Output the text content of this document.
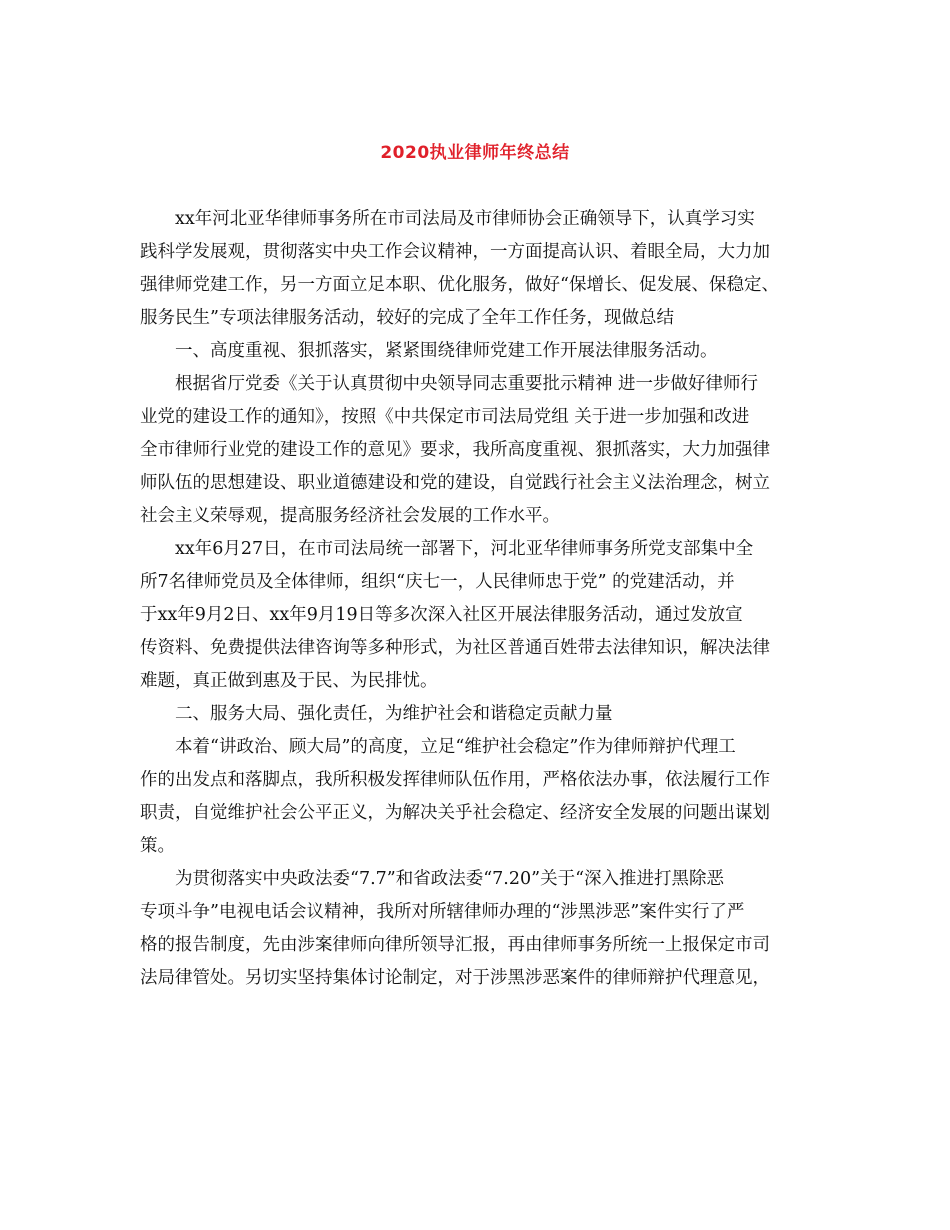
2020执业律师年终总结
xx年河北亚华律师事务所在市司法局及市律师协会正确领导下，认真学习实
践科学发展观，贯彻落实中央工作会议精神，一方面提高认识、着眼全局，大力加
强律师党建工作，另一方面立足本职、优化服务，做好“保增长、促发展、保稳定、
服务民生”专项法律服务活动，较好的完成了全年工作任务，现做总结
一、高度重视、狠抓落实，紧紧围绕律师党建工作开展法律服务活动。
根据省厅党委《关于认真贯彻中央领导同志重要批示精神 进一步做好律师行
业党的建设工作的通知》，按照《中共保定市司法局党组 关于进一步加强和改进
全市律师行业党的建设工作的意见》要求，我所高度重视、狠抓落实，大力加强律
师队伍的思想建设、职业道德建设和党的建设，自觉践行社会主义法治理念，树立
社会主义荣辱观，提高服务经济社会发展的工作水平。
xx年6月27日，在市司法局统一部署下，河北亚华律师事务所党支部集中全
所7名律师党员及全体律师，组织“庆七一，人民律师忠于党” 的党建活动，并
于xx年9月2日、xx年9月19日等多次深入社区开展法律服务活动，通过发放宣
传资料、免费提供法律咨询等多种形式，为社区普通百姓带去法律知识，解决法律
难题，真正做到惠及于民、为民排忧。
二、服务大局、强化责任，为维护社会和谐稳定贡献力量
本着“讲政治、顾大局”的高度，立足“维护社会稳定”作为律师辩护代理工
作的出发点和落脚点，我所积极发挥律师队伍作用，严格依法办事，依法履行工作
职责，自觉维护社会公平正义，为解决关乎社会稳定、经济安全发展的问题出谋划
策。
为贯彻落实中央政法委“7.7”和省政法委“7.20”关于“深入推进打黑除恶
专项斗争”电视电话会议精神，我所对所辖律师办理的“涉黑涉恶”案件实行了严
格的报告制度，先由涉案律师向律所领导汇报，再由律师事务所统一上报保定市司
法局律管处。另切实坚持集体讨论制定，对于涉黑涉恶案件的律师辩护代理意见，
